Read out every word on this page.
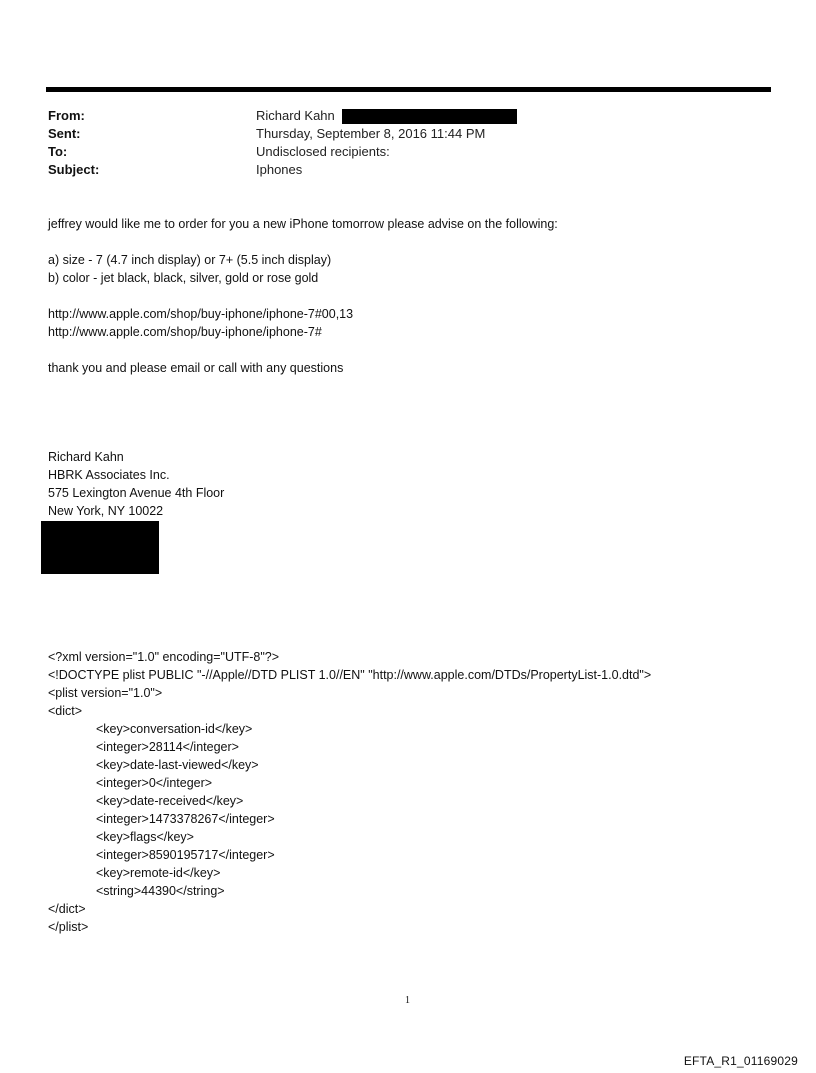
From:	Richard Kahn
Sent:	Thursday, September 8, 2016 11:44 PM
To:	Undisclosed recipients:
Subject:	Iphones
jeffrey would like me to order for you a new iPhone tomorrow please advise on the following:
a) size - 7 (4.7 inch display) or 7+ (5.5 inch display)
b) color - jet black, black, silver, gold or rose gold
http://www.apple.com/shop/buy-iphone/iphone-7#00,13
http://www.apple.com/shop/buy-iphone/iphone-7#
thank you and please email or call with any questions
Richard Kahn
HBRK Associates Inc.
575 Lexington Avenue 4th Floor
New York, NY 10022
<?xml version="1.0" encoding="UTF-8"?>
<!DOCTYPE plist PUBLIC "-//Apple//DTD PLIST 1.0//EN" "http://www.apple.com/DTDs/PropertyList-1.0.dtd">
<plist version="1.0">
<dict>
<key>conversation-id</key>
<integer>28114</integer>
<key>date-last-viewed</key>
<integer>0</integer>
<key>date-received</key>
<integer>1473378267</integer>
<key>flags</key>
<integer>8590195717</integer>
<key>remote-id</key>
<string>44390</string>
</dict>
</plist>
1
EFTA_R1_01169029
